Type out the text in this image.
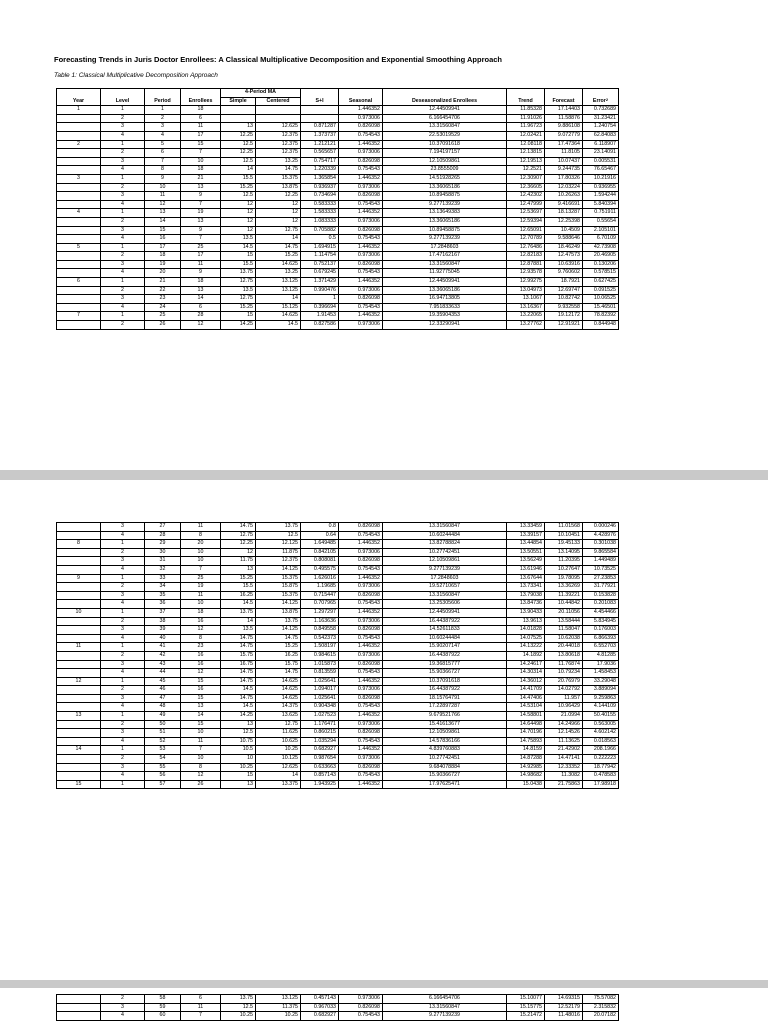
Forecasting Trends in Juris Doctor Enrollees: A Classical Multiplicative Decomposition and Exponential Smoothing Approach
Table 1: Classical Multiplicative Decomposition Approach
Year	Level	Period	Enrollees	4-Period MA		S+I	Seasonal	Deseasonalized Enrollees	Trend	Forecast	Error$^2$
				Simple	Centered						
1	1	1	18				1.446352	12.44509941	11.85328	17.14403	0.732689
	2	2	6				0.973006	6.166454706	11.91026	11.58876	31.23421
	3	3	11	13	12.625	0.871287	0.826098	13.31560847	11.96723	9.886108	1.240754
	4	4	17	12.25	12.375	1.373737	0.754543	22.53019529	12.02421	9.072779	62.84083
2	1	5	15	12.5	12.375	1.212121	1.446352	10.37091618	12.08118	17.47364	6.118907
	2	6	7	12.25	12.375	0.565657	0.973006	7.194197157	12.13815	11.8105	23.14091
	3	7	10	12.5	13.25	0.754717	0.826098	12.10509861	12.19513	10.07437	0.005531
	4	8	18	14	14.75	1.220339	0.754543	23.8555009	12.2521	9.244735	76.65467
3	1	9	21	15.5	15.375	1.365854	1.446352	14.51928265	12.30907	17.80326	10.21916
	2	10	13	15.25	13.875	0.936937	0.973006	13.36065186	12.36605	12.03224	0.936955
	3	11	9	12.5	12.25	0.734694	0.826098	10.89458875	12.42302	10.26263	1.594244
	4	12	7	12	12	0.583333	0.754543	9.277139239	12.47999	9.416691	5.840394
4	1	13	19	12	12	1.583333	1.446352	13.13649383	12.53697	18.13287	0.751911
	2	14	13	12	12	1.083333	0.973006	13.36065186	12.59394	12.25398	0.55654
	3	15	9	12	12.75	0.705882	0.826098	10.89458875	12.65091	10.4509	2.105101
	4	16	7	13.5	14	0.5	0.754543	9.277139239	12.70789	9.588646	6.70109
5	1	17	25	14.5	14.75	1.694915	1.446352	17.2848603	12.76486	18.46249	42.73908
	2	18	17	15	15.25	1.114754	0.973006	17.47162167	12.82183	12.47573	20.46905
	3	19	11	15.5	14.625	0.752137	0.826098	13.31560847	12.87881	10.63916	0.130206
	4	20	9	13.75	13.25	0.679245	0.754543	11.92775045	12.93578	9.760602	0.578515
6	1	21	18	12.75	13.125	1.371429	1.446352	12.44509941	12.99275	18.7921	0.627425
	2	22	13	13.5	13.125	0.990476	0.973006	13.36065186	13.04973	12.69747	0.091525
	3	23	14	12.75	14	1	0.826098	16.94713805	13.1067	10.82742	10.06525
	4	24	6	15.25	15.125	0.396694	0.754543	7.951833633	13.16367	9.932558	15.46501
7	1	25	28	15	14.625	1.91453	1.446352	19.35904353	13.22065	19.12172	78.82392
	2	26	12	14.25	14.5	0.827586	0.973006	12.33290941	13.27762	12.91921	0.844948
	3	27	11	14.75	13.75	0.8	0.826098	13.31560847	13.33459	11.01568	0.000246
	4	28	8	12.75	12.5	0.64	0.754543	10.60244484	13.39157	10.10451	4.428976
8	1	29	20	12.25	12.125	1.649485	1.446352	13.82788824	13.44854	19.45133	0.301038
	2	30	10	12	11.875	0.842105	0.973006	10.27742451	13.50551	13.14095	9.865584
	3	31	10	11.75	12.375	0.808081	0.826098	12.10509861	13.56249	11.20395	1.449489
	4	32	7	13	14.125	0.495575	0.754543	9.277139239	13.61946	10.27647	10.73525
9	1	33	25	15.25	15.375	1.626016	1.446352	17.2848603	13.67644	19.78095	27.23853
	2	34	19	15.5	15.875	1.19685	0.973006	19.52710657	13.73341	13.36269	31.77921
	3	35	11	16.25	15.375	0.715447	0.826098	13.31560847	13.79038	11.39221	0.153828
	4	36	10	14.5	14.125	0.707965	0.754543	13.25305606	13.84736	10.44842	0.201083
10	1	37	18	13.75	13.875	1.297297	1.446352	12.44509941	13.90433	20.11056	4.454466
	2	38	16	14	13.75	1.163636	0.973006	16.44387922	13.9613	13.58444	5.834945
	3	39	12	13.5	14.125	0.849558	0.826098	14.52611833	14.01828	11.58047	0.176003
	4	40	8	14.75	14.75	0.542373	0.754543	10.60244484	14.07525	10.62038	6.866393
11	1	41	23	14.75	15.25	1.508197	1.446352	15.90207147	14.13222	20.44018	6.552703
	2	42	16	15.75	16.25	0.984615	0.973006	16.44387922	14.1892	13.80618	4.81285
	3	43	16	16.75	15.75	1.015873	0.826098	19.36815777	14.24617	11.76874	17.9036
	4	44	12	14.75	14.75	0.813559	0.754543	15.90366727	14.30314	10.79234	1.458453
12	1	45	15	14.75	14.625	1.025641	1.446352	10.37091618	14.36012	20.76979	33.29048
	2	46	16	14.5	14.625	1.094017	0.973006	16.44387922	14.41709	14.02792	3.889094
	3	47	15	14.75	14.625	1.025641	0.826098	18.15764791	14.47406	11.957	9.259863
	4	48	13	14.5	14.375	0.904348	0.754543	17.22897287	14.53104	10.96429	4.144109
13	1	49	14	14.25	13.625	1.027523	1.446352	9.679521766	14.58801	21.0994	50.40155
	2	50	15	13	12.75	1.176471	0.973006	15.41613677	14.64498	14.24966	0.563005
	3	51	10	12.5	11.625	0.860215	0.826098	12.10509861	14.70196	12.14526	4.602142
	4	52	11	10.75	10.625	1.035294	0.754543	14.57836166	14.75893	11.13625	0.018563
14	1	53	7	10.5	10.25	0.682927	1.446352	4.839760883	14.8159	21.42902	208.1966
	2	54	10	10	10.125	0.987654	0.973006	10.27742451	14.87288	14.47141	0.222223
	3	55	8	10.25	12.625	0.633663	0.826098	9.684078884	14.92985	12.33352	18.77942
	4	56	12	15	14	0.857143	0.754543	15.90366727	14.98682	11.3082	0.478583
15	1	57	26	13	13.375	1.943925	1.446352	17.97625471	15.0438	21.75863	17.98918
	2	58	6	13.75	13.125	0.457143	0.973006	6.166454706	15.10077	14.69315	75.57082
	3	59	11	12.5	11.375	0.967033	0.826098	13.31560847	15.15775	12.52179	2.315832
	4	60	7	10.25	10.25	0.682927	0.754543	9.277139239	15.21472	11.48016	20.07182
